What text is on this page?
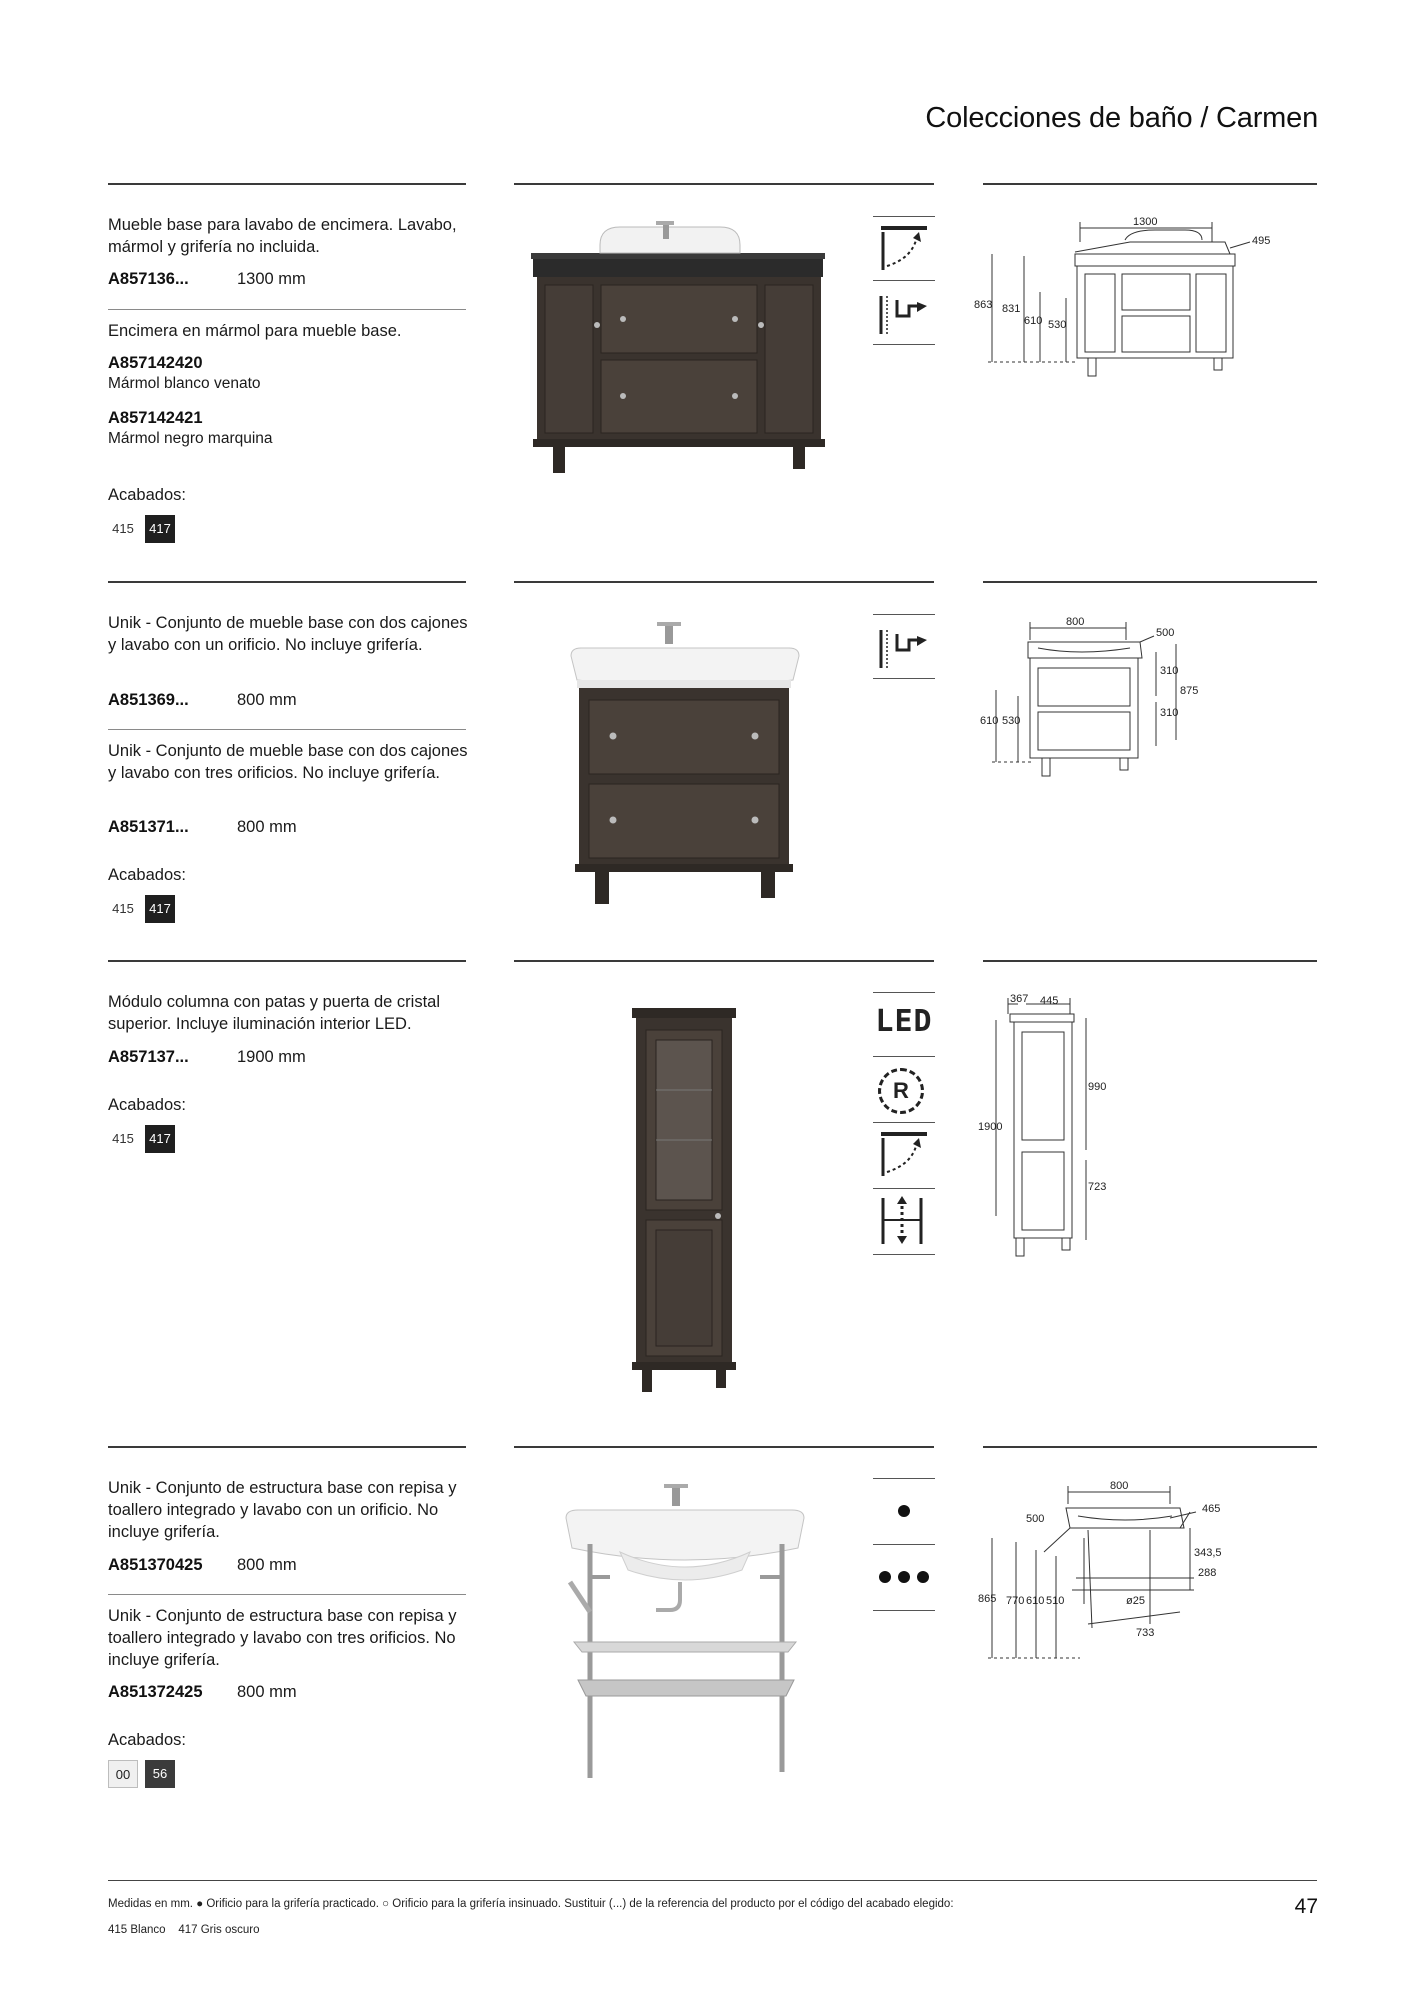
Colecciones de baño / Carmen
Mueble base para lavabo de encimera. Lavabo, mármol y grifería no incluida.
A857136...	1300 mm
Encimera en mármol para mueble base.
A857142420
Mármol blanco venato
A857142421
Mármol negro marquina
Acabados:
415	417
1300
495
863 831
610 530
Unik - Conjunto de mueble base con dos cajones y lavabo con un orificio. No incluye grifería.
A851369...	800 mm
Unik - Conjunto de mueble base con dos cajones y lavabo con tres orificios. No incluye grifería.
A851371...	800 mm
Acabados:
415	417
800
500
310
875
310
610 530
Módulo columna con patas y puerta de cristal superior. Incluye iluminación interior LED.
A857137...	1900 mm
Acabados:
415	417
LED
R
367 445
990
1900
723
Unik - Conjunto de estructura base con repisa y toallero integrado y lavabo con un orificio. No incluye grifería.
A851370425 800 mm
Unik - Conjunto de estructura base con repisa y toallero integrado y lavabo con tres orificios. No incluye grifería.
A851372425 800 mm
Acabados:
00	56
800
500
465
343,5
288
865 770 610 510	ø25
733
Medidas en mm. ● Orificio para la grifería practicado. ○ Orificio para la grifería insinuado. Sustituir (...) de la referencia del producto por el código del acabado elegido:
415 Blanco    417 Gris oscuro
47
